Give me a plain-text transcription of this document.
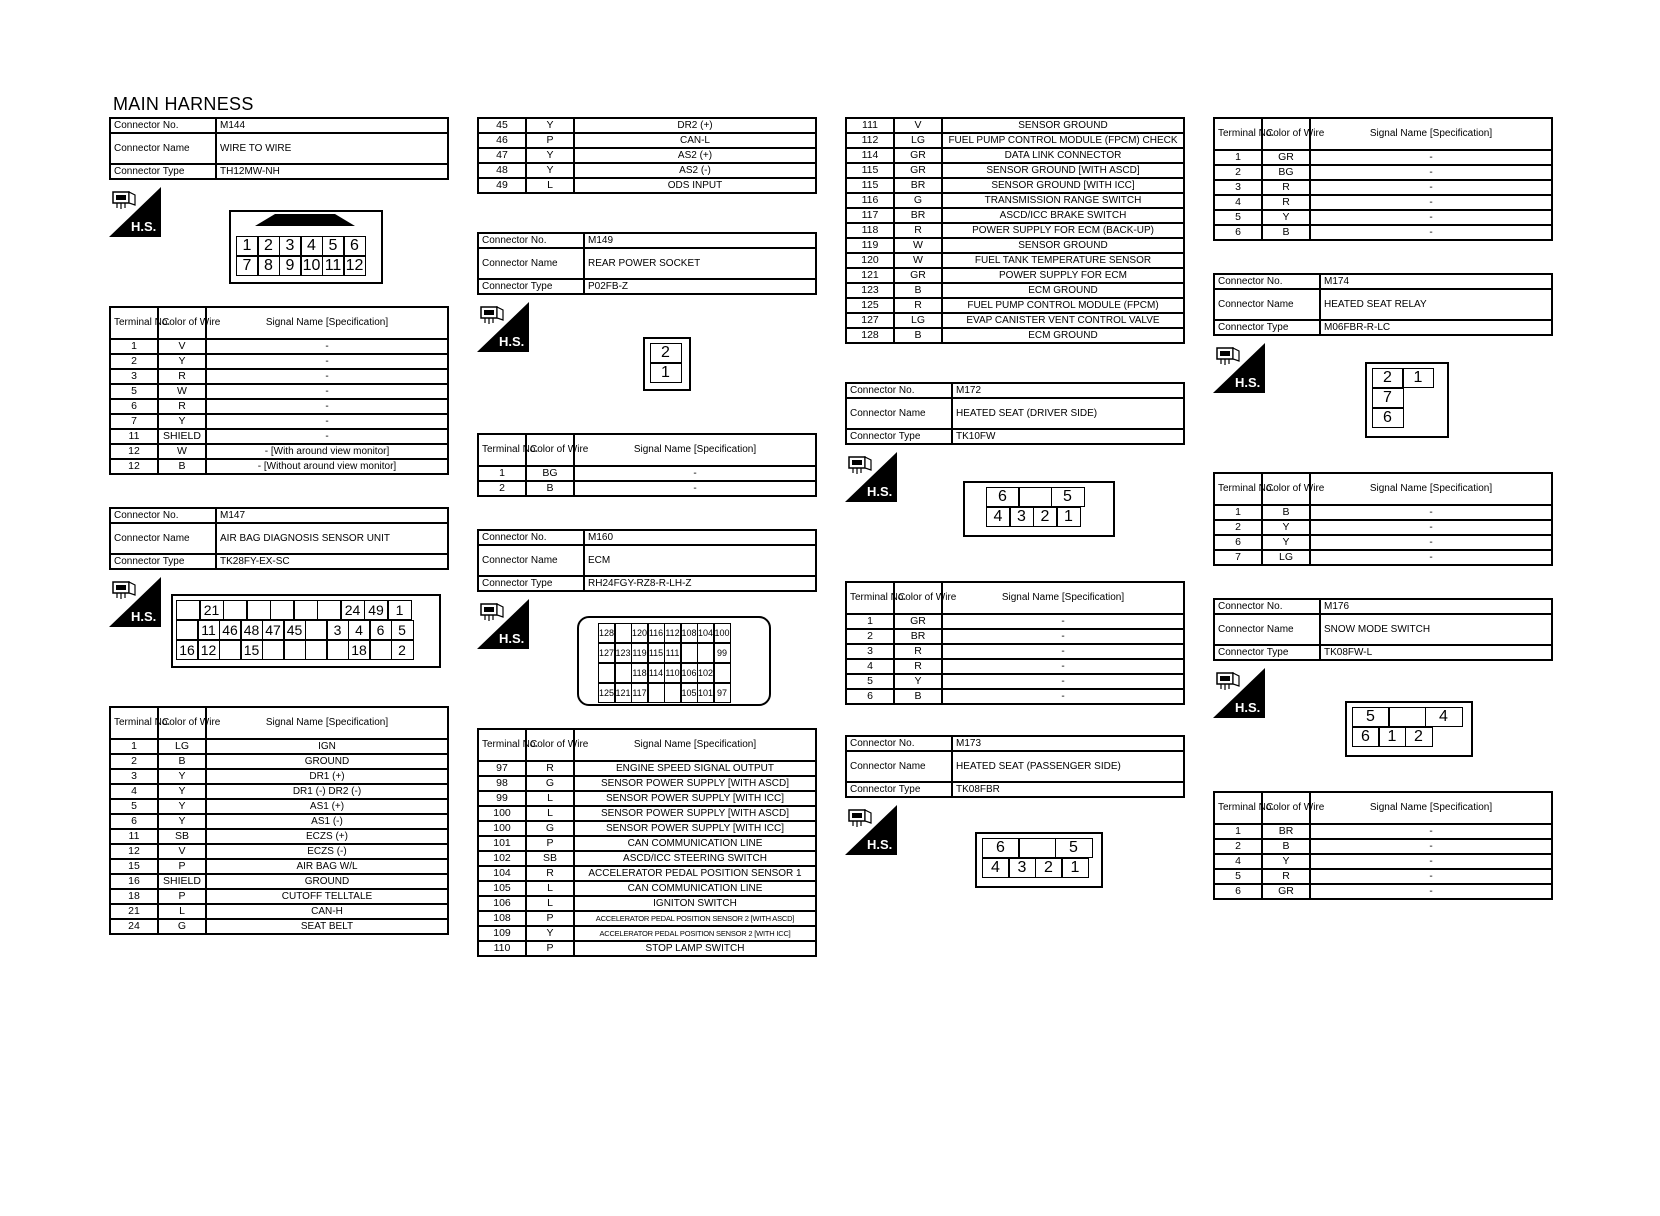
MAIN HARNESS
Connector No.	M144
Connector Name	WIRE TO WIRE
Connector Type	TH12MW-NH
H.S.
1 2 3 4 5 6
7 8 9 10 11 12
Terminal No.	Color of Wire	Signal Name [Specification]
1	V	-
2	Y	-
3	R	-
5	W	-
6	R	-
7	Y	-
11	SHIELD	-
12	W	- [With around view monitor]
12	B	- [Without around view monitor]
Connector No.	M147
Connector Name	AIR BAG DIAGNOSIS SENSOR UNIT
Connector Type	TK28FY-EX-SC
H.S.	21	24 49 1
11 46 48 47 45	3 4 6 5
16 12 15	18	2
Terminal No.	Color of Wire	Signal Name [Specification]
1	LG	IGN
2	B	GROUND
3	Y	DR1 (+)
4	Y	DR1 (-) DR2 (-)
5	Y	AS1 (+)
6	Y	AS1 (-)
11	SB	ECZS (+)
12	V	ECZS (-)
15	P	AIR BAG W/L
16	SHIELD	GROUND
18	P	CUTOFF TELLTALE
21	L	CAN-H
24	G	SEAT BELT
45	Y	DR2 (+)
46	P	CAN-L
47	Y	AS2 (+)
48	Y	AS2 (-)
49	L	ODS INPUT
Connector No.	M149
Connector Name	REAR POWER SOCKET
Connector Type	P02FB-Z
H.S.
2
1
Terminal No.	Color of Wire	Signal Name [Specification]
1	BG	-
2	B	-
Connector No.	M160
Connector Name	ECM
Connector Type	RH24FGY-RZ8-R-LH-Z
H.S.	128 120 116 112 108 104 100
127 123 119 115 111	99
118 114 110 106 102
125 121 117	105 101 97
Terminal No.	Color of Wire	Signal Name [Specification]
97	R	ENGINE SPEED SIGNAL OUTPUT
98	G	SENSOR POWER SUPPLY [WITH ASCD]
99	L	SENSOR POWER SUPPLY [WITH ICC]
100	L	SENSOR POWER SUPPLY [WITH ASCD]
100	G	SENSOR POWER SUPPLY [WITH ICC]
101	P	CAN COMMUNICATION LINE
102	SB	ASCD/ICC STEERING SWITCH
104	R	ACCELERATOR PEDAL POSITION SENSOR 1
105	L	CAN COMMUNICATION LINE
106	L	IGNITON SWITCH
108	P	ACCELERATOR PEDAL POSITION SENSOR 2 [WITH ASCD]
109	Y	ACCELERATOR PEDAL POSITION SENSOR 2 [WITH ICC]
110	P	STOP LAMP SWITCH
111	V	SENSOR GROUND
112	LG	FUEL PUMP CONTROL MODULE (FPCM) CHECK
114	GR	DATA LINK CONNECTOR
115	GR	SENSOR GROUND [WITH ASCD]
115	BR	SENSOR GROUND [WITH ICC]
116	G	TRANSMISSION RANGE SWITCH
117	BR	ASCD/ICC BRAKE SWITCH
118	R	POWER SUPPLY FOR ECM (BACK-UP)
119	W	SENSOR GROUND
120	W	FUEL TANK TEMPERATURE SENSOR
121	GR	POWER SUPPLY FOR ECM
123	B	ECM GROUND
125	R	FUEL PUMP CONTROL MODULE (FPCM)
127	LG	EVAP CANISTER VENT CONTROL VALVE
128	B	ECM GROUND
Connector No.	M172
Connector Name	HEATED SEAT (DRIVER SIDE)
Connector Type	TK10FW
H.S.	6	5
4 3 2 1
Terminal No.	Color of Wire	Signal Name [Specification]
1	GR	-
2	BR	-
3	R	-
4	R	-
5	Y	-
6	B	-
Connector No.	M173
Connector Name	HEATED SEAT (PASSENGER SIDE)
Connector Type	TK08FBR
H.S.	6	5
4	3	2	1
Terminal No.	Color of Wire	Signal Name [Specification]
1	GR	-
2	BG	-
3	R	-
4	R	-
5	Y	-
6	B	-
Connector No.	M174
Connector Name	HEATED SEAT RELAY
Connector Type	M06FBR-R-LC
H.S.	2	1
7
6
Terminal No.	Color of Wire	Signal Name [Specification]
1	B	-
2	Y	-
6	Y	-
7	LG	-
Connector No.	M176
Connector Name	SNOW MODE SWITCH
Connector Type	TK08FW-L
H.S.
5	4
6	1	2
Terminal No.	Color of Wire	Signal Name [Specification]
1	BR	-
2	B	-
4	Y	-
5	R	-
6	GR	-
